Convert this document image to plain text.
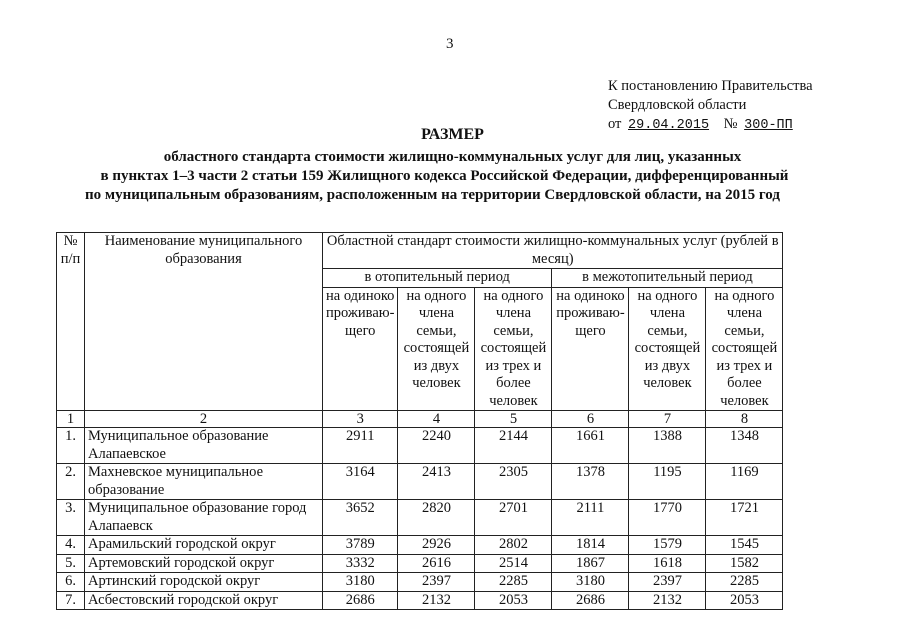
3
К постановлению Правительства
Свердловской области
от 29.04.2015 № 300-ПП
РАЗМЕР
областного стандарта стоимости жилищно-коммунальных услуг для лиц, указанных
в пунктах 1–3 части 2 статьи 159 Жилищного кодекса Российской Федерации, дифференцированный
по муниципальным образованиям, расположенным на территории Свердловской области, на 2015 год
№ п/п	Наименование муниципального образования	Областной стандарт стоимости жилищно-коммунальных услуг (рублей в месяц)					
		в отопительный период			в межотопительный период		
		на одиноко проживаю-щего	на одного члена семьи, состоящей из двух человек	на одного члена семьи, состоящей из трех и более человек	на одиноко проживаю-щего	на одного члена семьи, состоящей из двух человек	на одного члена семьи, состоящей из трех и более человек
1	2	3	4	5	6	7	8
1.	Муниципальное образование Алапаевское	2911	2240	2144	1661	1388	1348
2.	Махневское муниципальное образование	3164	2413	2305	1378	1195	1169
3.	Муниципальное образование город Алапаевск	3652	2820	2701	2111	1770	1721
4.	Арамильский городской округ	3789	2926	2802	1814	1579	1545
5.	Артемовский городской округ	3332	2616	2514	1867	1618	1582
6.	Артинский городской округ	3180	2397	2285	3180	2397	2285
7.	Асбестовский городской округ	2686	2132	2053	2686	2132	2053
